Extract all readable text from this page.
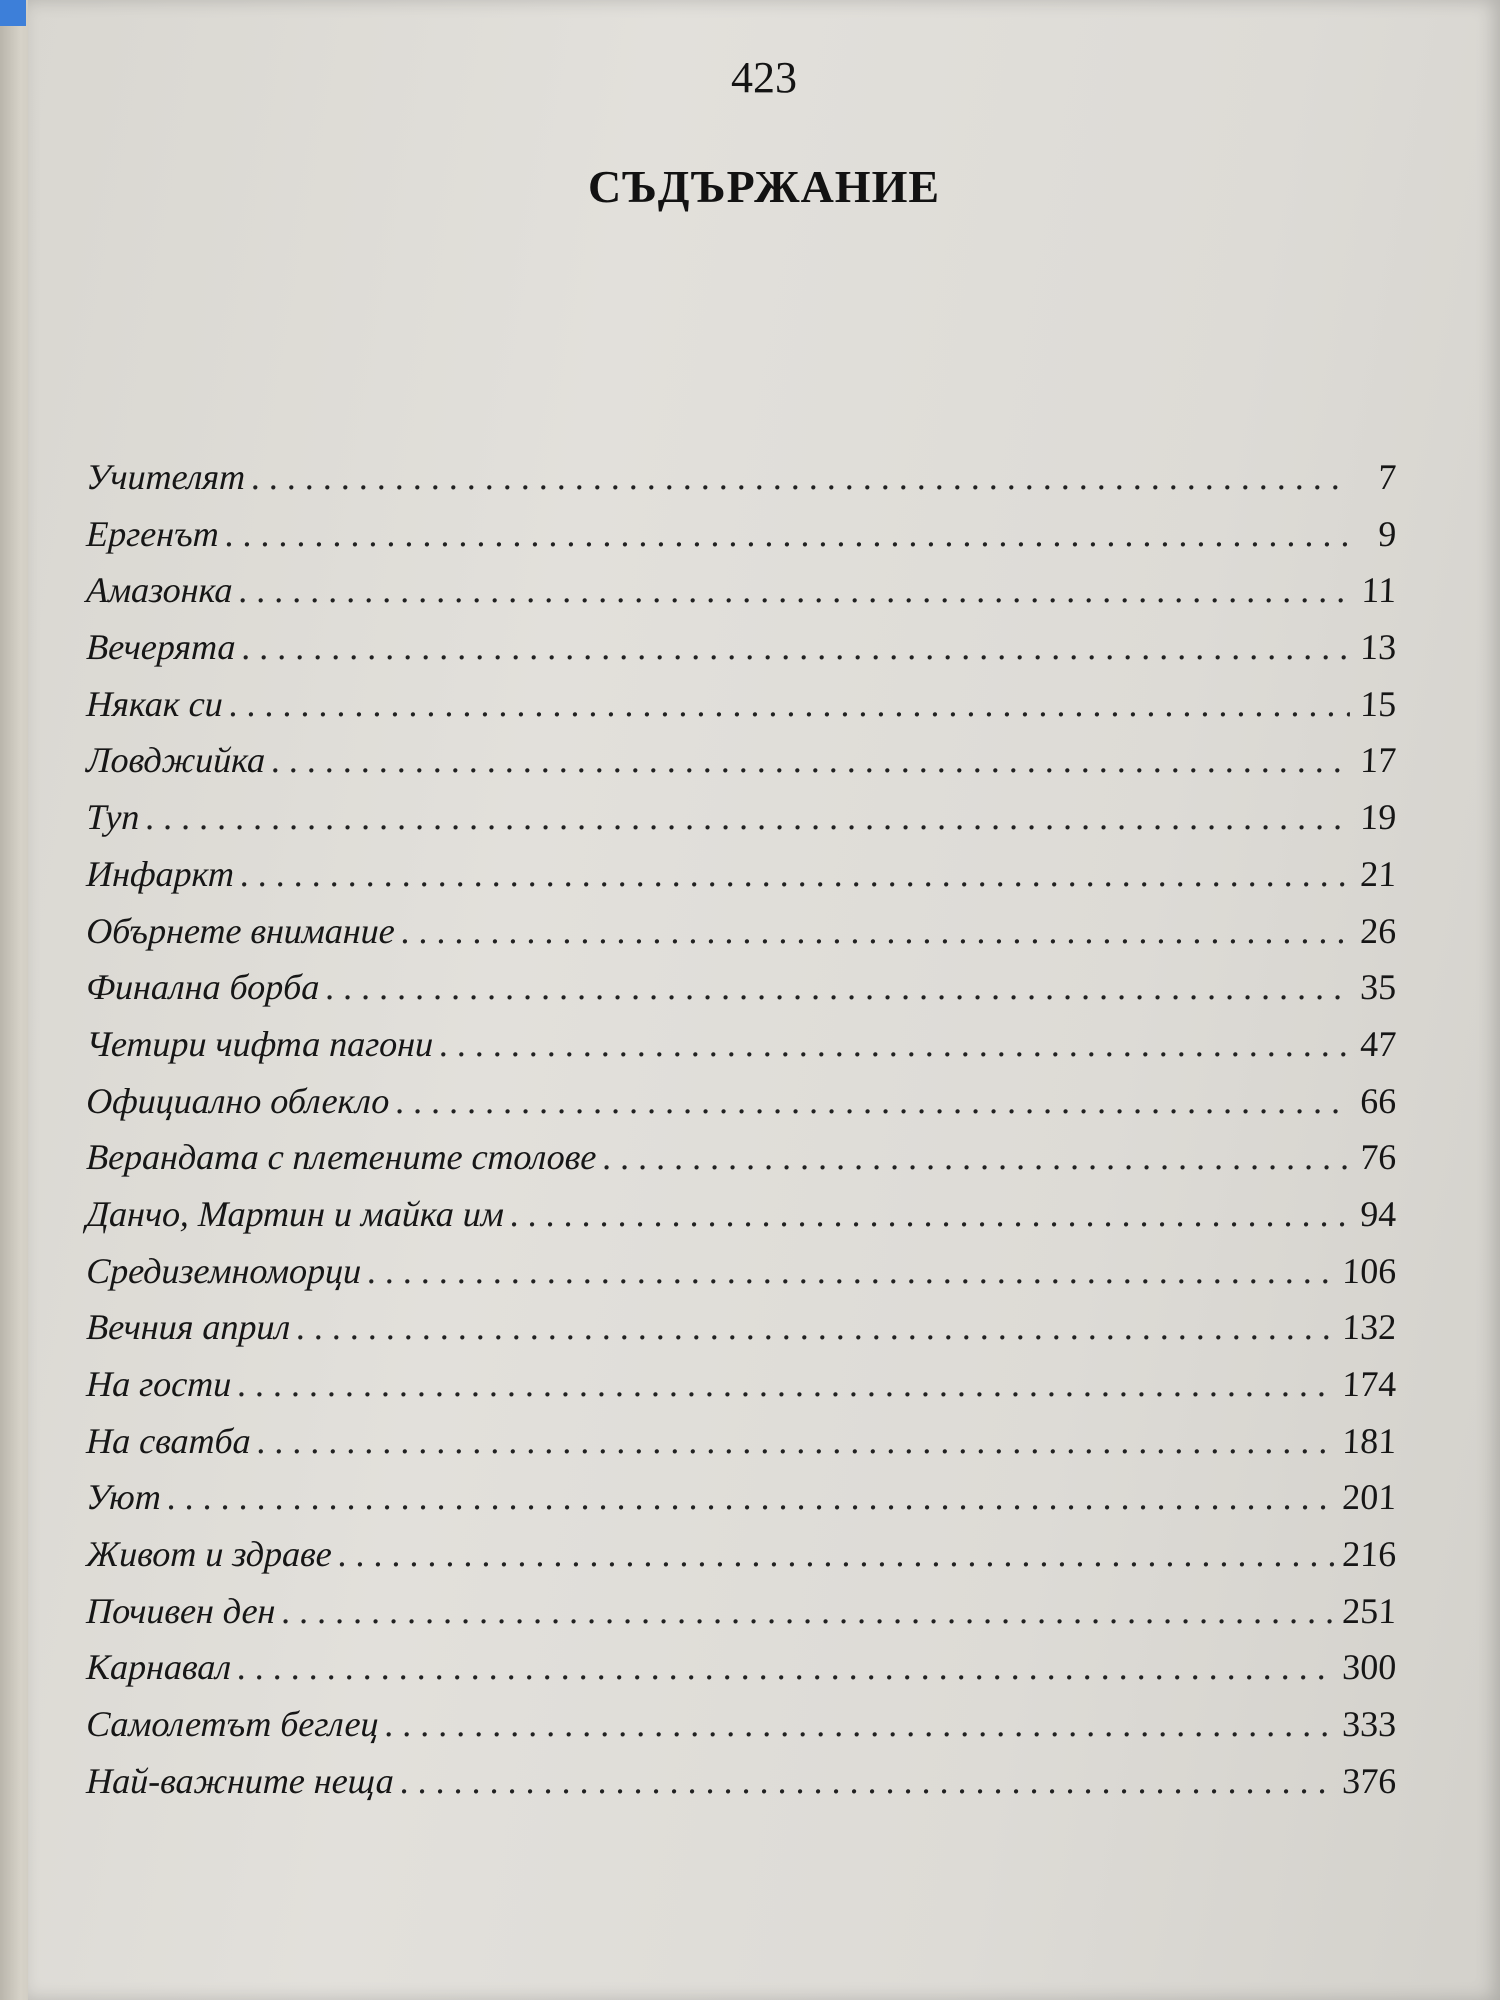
423
СЪДЪРЖАНИЕ
Учителят . . .	7
Ергенът . . .	9
Амазонка . . .	11
Вечерята . . .	13
Някак си . . .	15
Ловджийка . . .	17
Туп . . .	19
Инфаркт . . .	21
Обърнете внимание . . .	26
Финална борба . . .	35
Четири чифта пагони . . .	47
Официално облекло . . .	66
Верандата с плетените столове . . .	76
Данчо, Мартин и майка им . . .	94
Средиземноморци . . .	106
Вечния април . . .	132
На гости . . .	174
На сватба . . .	181
Уют . . .	201
Живот и здраве . . .	216
Почивен ден . . .	251
Карнавал . . .	300
Самолетът беглец . . .	333
Най-важните неща . . .	376
